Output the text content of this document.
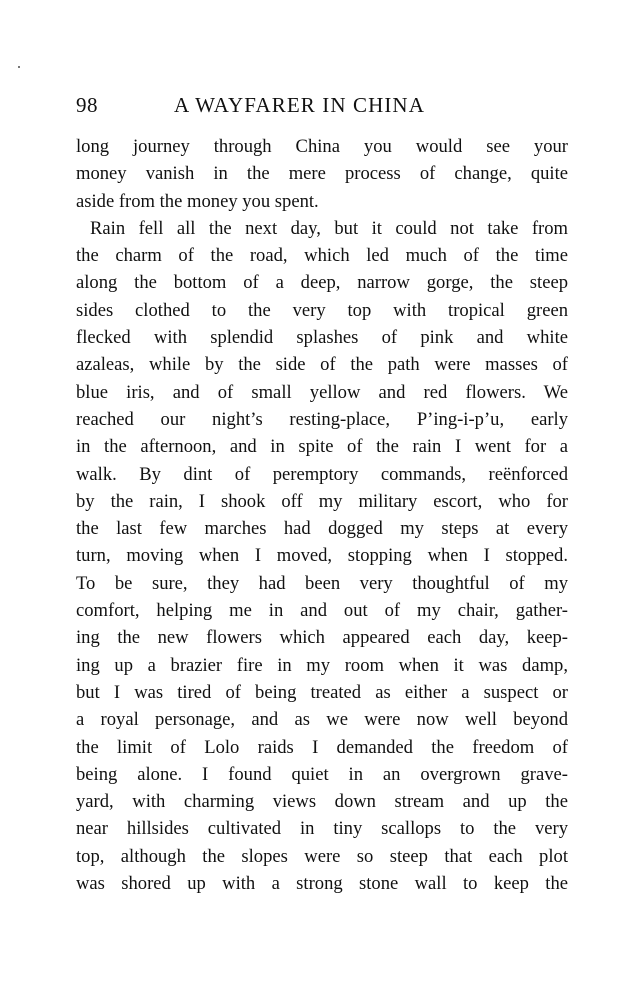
98	A WAYFARER IN CHINA
long journey through China you would see your
money vanish in the mere process of change, quite
aside from the money you spent.
Rain fell all the next day, but it could not take from
the charm of the road, which led much of the time
along the bottom of a deep, narrow gorge, the steep
sides clothed to the very top with tropical green
flecked with splendid splashes of pink and white
azaleas, while by the side of the path were masses of
blue iris, and of small yellow and red flowers. We
reached our night’s resting-place, P’ing-i-p’u, early
in the afternoon, and in spite of the rain I went for a
walk. By dint of peremptory commands, reënforced
by the rain, I shook off my military escort, who for
the last few marches had dogged my steps at every
turn, moving when I moved, stopping when I stopped.
To be sure, they had been very thoughtful of my
comfort, helping me in and out of my chair, gather-
ing the new flowers which appeared each day, keep-
ing up a brazier fire in my room when it was damp,
but I was tired of being treated as either a suspect or
a royal personage, and as we were now well beyond
the limit of Lolo raids I demanded the freedom of
being alone. I found quiet in an overgrown grave-
yard, with charming views down stream and up the
near hillsides cultivated in tiny scallops to the very
top, although the slopes were so steep that each plot
was shored up with a strong stone wall to keep the
